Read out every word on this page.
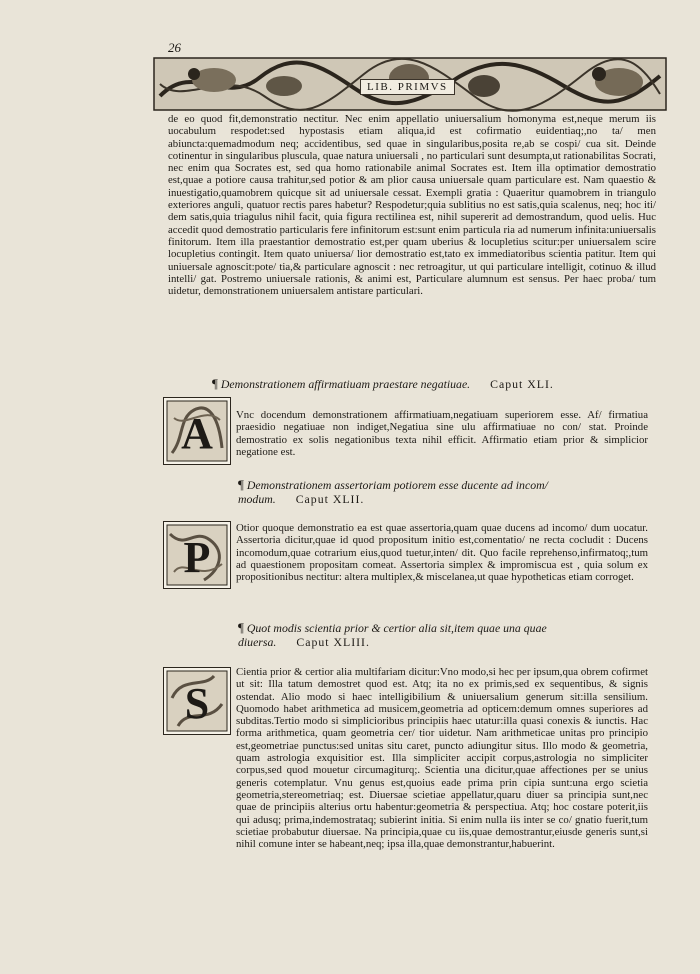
26
LIB. PRIMVS

de eo quod fit,demonstratio nectitur. Nec enim appellatio uniuersalium homonyma est,neque merum iis uocabulum respodet:sed hypostasis etiam aliqua,id est cofirmatio euidentiaq;,no ta/ men abiuncta:quemadmodum neq; accidentibus, sed quae in singularibus,posita re,ab se cospi/ cua sit. Deinde cotinentur in singularibus pluscula, quae natura uniuersali , no particulari sunt desumpta,ut rationabilitas Socrati, nec enim qua Socrates est, sed qua homo rationabile animal Socrates est. Item illa optimatior demostratio est,quae a potiore causa trahitur,sed potior & am plior causa uniuersale quam particulare est. Nam quaestio & inuestigatio,quamobrem quicque sit ad uniuersale cessat. Exempli gratia : Quaeritur quamobrem in triangulo exteriores anguli, quatuor rectis pares habetur? Respodetur;quia sublitius no est satis,quia scalenus, neq; hoc iti/ dem satis,quia triagulus nihil facit, quia figura rectilinea est, nihil supererit ad demostrandum, quod uelis. Huc accedit quod demostratio particularis fere infinitorum est:sunt enim particula ria ad numerum infinita:uniuersalis finitorum. Item illa praestantior demostratio est,per quam uberius & locupletius scitur:per uniuersalem scire locupletius contingit. Item quato uniuersa/ lior demostratio est,tato ex immediatoribus scientia patitur. Item qui uniuersale agnoscit:pote/ tia,& particulare agnoscit : nec retroagitur, ut qui particulare intelligit, cotinuo & illud intelli/ gat. Postremo uniuersale rationis, & animi est, Particulare alumnum est sensus. Per haec proba/ tum uidetur, demonstrationem uniuersalem antistare particulari.

¶ Demonstrationem affirmatiuam praestare negatiuae. Caput XLI.
A Vnc docendum demonstrationem affirmatiuam,negatiuam superiorem esse. Af/ firmatiua praesidio negatiuae non indiget,Negatiua sine ulu affirmatiuae no con/ stat. Proinde demostratio ex solis negationibus texta nihil efficit. Affirmatio etiam prior & simplicior negatione est.
¶ Demonstrationem assertoriam potiorem esse ducente ad incom/ modum. Caput XLII.
P
Otior quoque demonstratio ea est quae assertoria,quam quae ducens ad incomo/ dum uocatur. Assertoria dicitur,quae id quod propositum initio est,comentatio/ ne recta cocludit : Ducens incomodum,quae cotrarium eius,quod tuetur,inten/ dit. Quo facile reprehenso,infirmatoq;,tum ad quaestionem propositam comeat. Assertoria simplex & impromiscua est , quia solum ex propositionibus nectitur: altera multiplex,& miscelanea,ut quae hypotheticas etiam corroget.
¶ Quot modis scientia prior & certior alia sit,item quae una quae diuersa. Caput XLIII.
S
Cientia prior & certior alia multifariam dicitur:Vno modo,si hec per ipsum,qua obrem cofirmet ut sit: Illa tatum demostret quod est. Atq; ita no ex primis,sed ex sequentibus, & signis ostendat. Alio modo si haec intelligibilium & uniuersalium generum sit:illa sensilium. Quomodo habet arithmetica ad musicem,geometria ad opticem:demum omnes superiores ad subditas.Tertio modo si simplicioribus principiis haec utatur:illa quasi conexis & iunctis. Hac forma arithmetica, quam geometria cer/ tior uidetur. Nam arithmeticae unitas pro principio est,geometriae punctus:sed unitas situ caret, puncto adiungitur situs. Illo modo & geometria, quam astrologia exquisitior est. Illa simpliciter accipit corpus,astrologia no simpliciter corpus,sed quod mouetur circumagiturq;. Scientia una dicitur,quae affectiones per se unius generis cotemplatur. Vnu genus est,quoius eade prima prin cipia sunt:una ergo scietia geometria,stereometriaq; est. Diuersae scietiae appellatur,quaru diuer sa principia sunt,nec quae de principiis alterius ortu habentur:geometria & perspectiua. Atq; hoc costare poterit,iis qui adusq; prima,indemostrataq; subierint initia. Si enim nulla iis inter se co/ gnatio fuerit,tum scietiae probabutur diuersae. Na principia,quae cu iis,quae demostrantur,eiusde generis sunt,si nihil comune inter se habeant,neq; ipsa illa,quae demonstrantur,habuerint.
